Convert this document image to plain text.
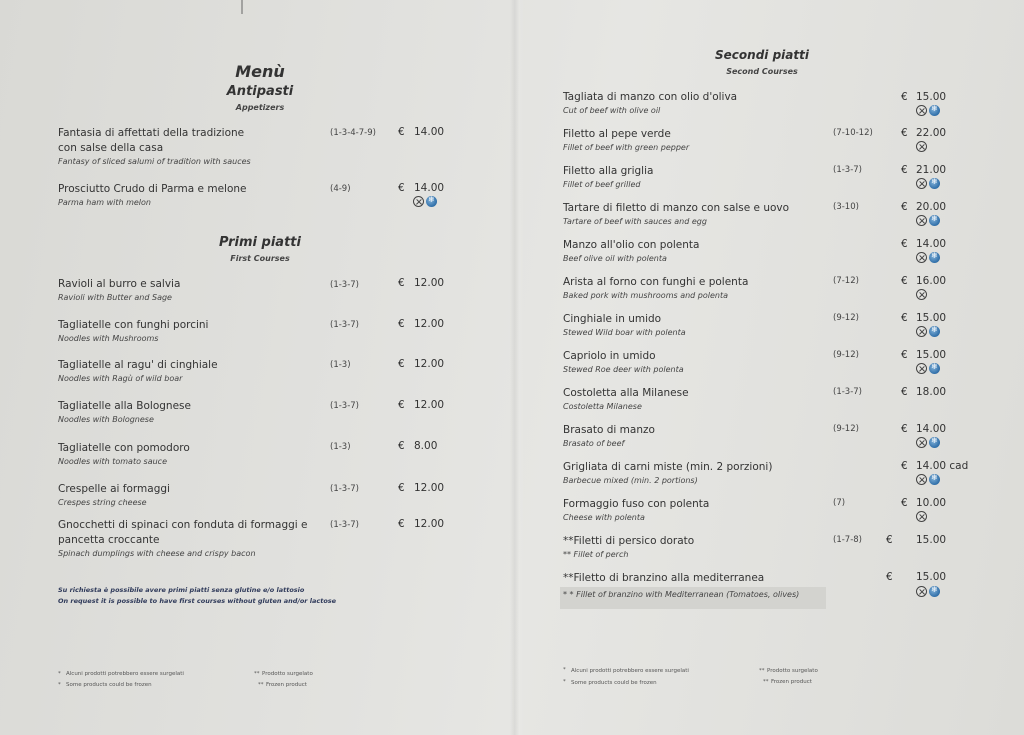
Menù
Antipasti
Appetizers
Fantasia di affettati della tradizione
con salse della casa
Fantasy of sliced salumi of tradition with sauces
(1-3-4-7-9) € 14.00
Prosciutto Crudo di Parma e melone
Parma ham with melon
(4-9)	€ 14.00
❄
Primi piatti
First Courses
Ravioli al burro e salvia
Ravioli with Butter and Sage
(1-3-7)	€ 12.00
Tagliatelle con funghi porcini
Noodles with Mushrooms
(1-3-7)	€ 12.00
Tagliatelle al ragu' di cinghiale
Noodles with Ragù of wild boar
(1-3)	€ 12.00
Tagliatelle alla Bolognese
Noodles with Bolognese
(1-3-7)	€ 12.00
Tagliatelle con pomodoro
Noodles with tomato sauce
(1-3)	€ 8.00
Crespelle ai formaggi
Crespes string cheese
(1-3-7)	€ 12.00
Gnocchetti di spinaci con fonduta di formaggi e
pancetta croccante
Spinach dumplings with cheese and crispy bacon
(1-3-7)	€ 12.00
Su richiesta è possibile avere primi piatti senza glutine e/o lattosio
On request it is possible to have first courses without gluten and/or lactose
* Alcuni prodotti potrebbero essere surgelati
* Some products could be frozen
** Prodotto surgelato
** Frozen product
Secondi piatti
Second Courses
Tagliata di manzo con olio d'oliva
Cut of beef with olive oil
€ 15.00
❄
Filetto al pepe verde
Fillet of beef with green pepper
(7-10-12)	€ 22.00
Filetto alla griglia
Fillet of beef grilled
(1-3-7)	€ 21.00
❄
Tartare di filetto di manzo con salse e uovo
Tartare of beef with sauces and egg
(3-10)	€ 20.00
❄
Manzo all'olio con polenta
Beef olive oil with polenta
€ 14.00
❄
Arista al forno con funghi e polenta
Baked pork with mushrooms and polenta
(7-12)	€ 16.00
Cinghiale in umido
Stewed Wild boar with polenta
(9-12)	€ 15.00
❄
Capriolo in umido
Stewed Roe deer with polenta
(9-12)	€ 15.00
❄
Costoletta alla Milanese
Costoletta Milanese
(1-3-7)	€ 18.00
Brasato di manzo
Brasato of beef
(9-12)	€ 14.00
❄
Grigliata di carni miste (min. 2 porzioni)
Barbecue mixed (min. 2 portions)
€ 14.00 cad
❄
Formaggio fuso con polenta
Cheese with polenta
(7)	€ 10.00
**Filetti di persico dorato
** Fillet of perch
(1-7-8) € 15.00
**Filetto di branzino alla mediterranea
* * Fillet of branzino with Mediterranean (Tomatoes, olives)
€ 15.00
❄
* Alcuni prodotti potrebbero essere surgelati
* Some products could be frozen
** Prodotto surgelato
** Frozen product
